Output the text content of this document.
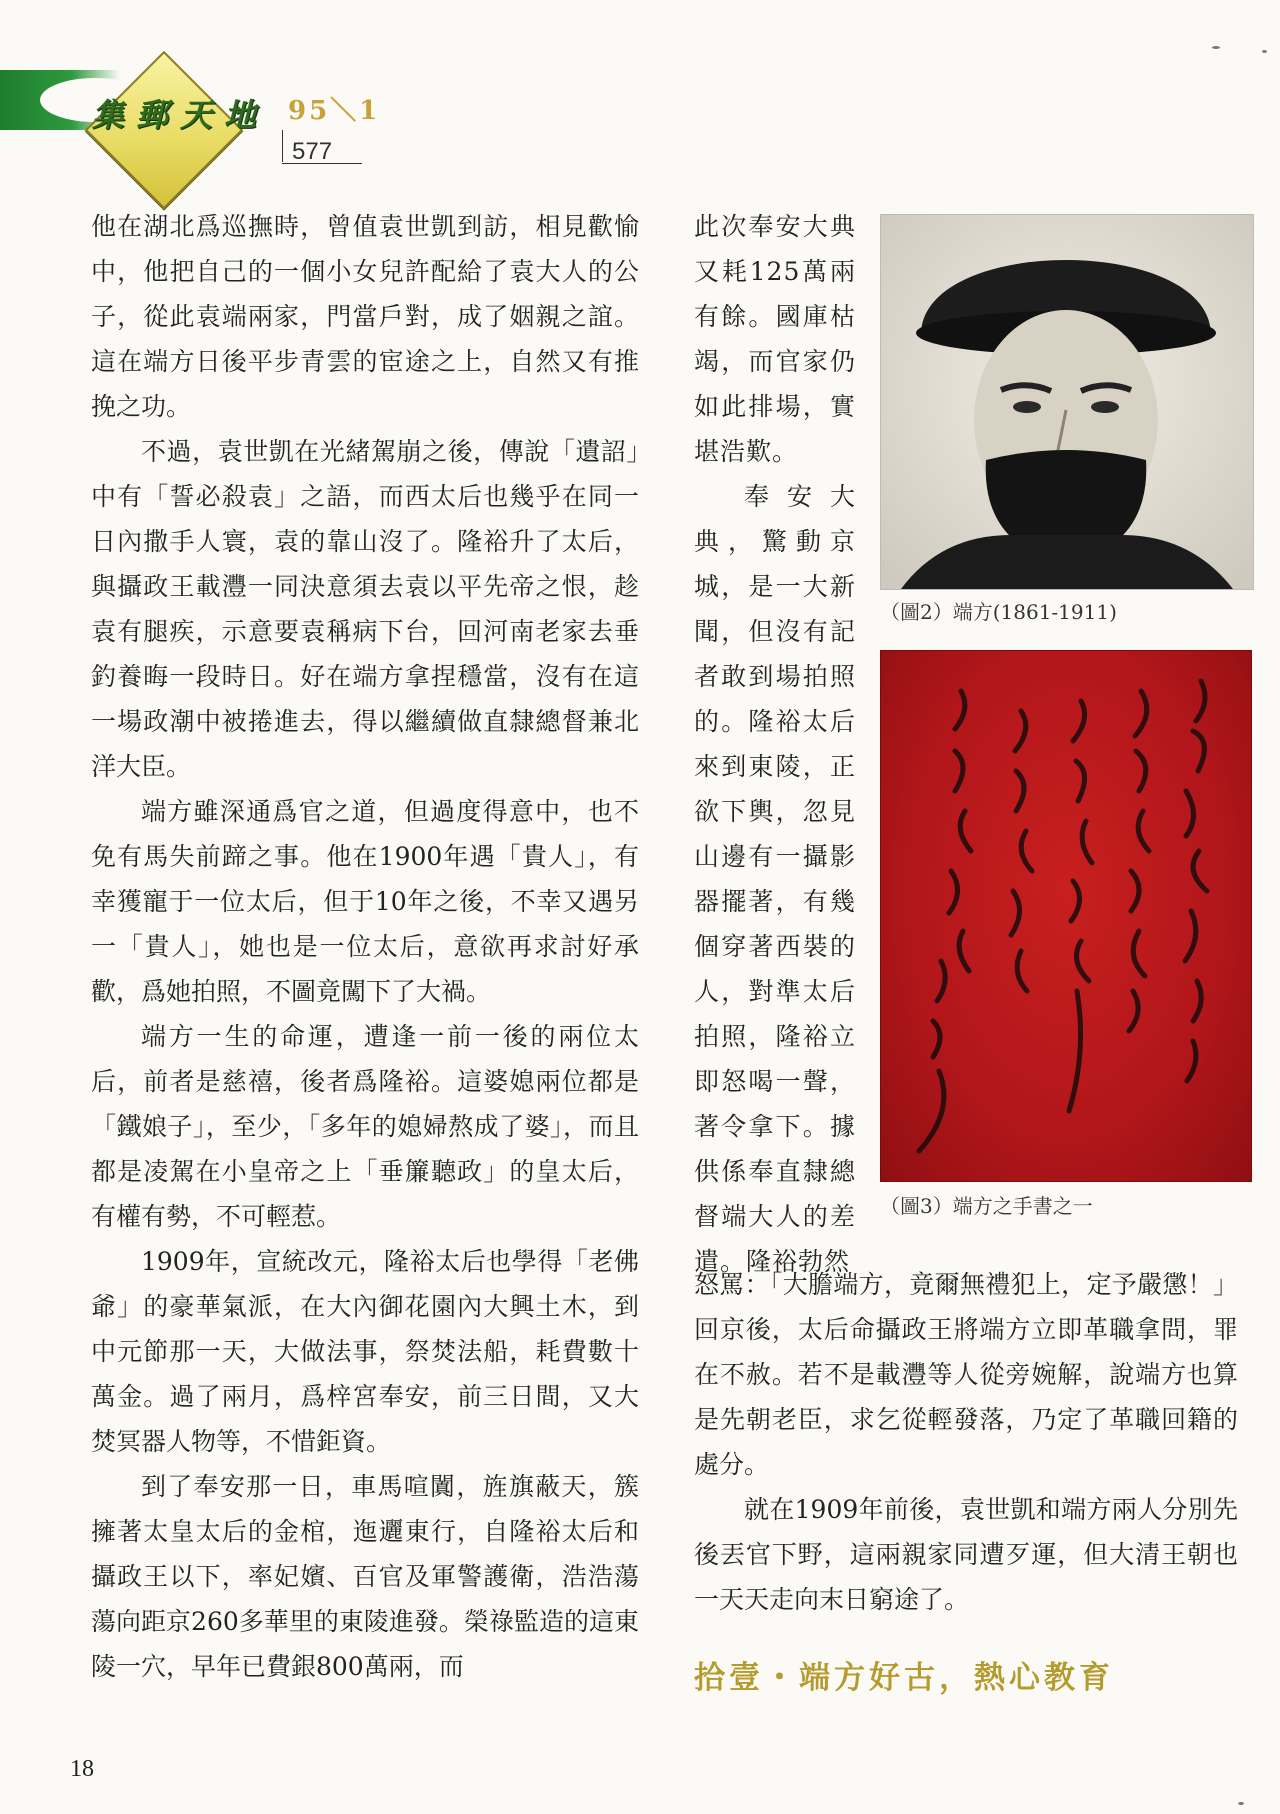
集郵天地 95＼1
577

他在湖北爲巡撫時，曾值袁世凱到訪，相見歡愉中，他把自己的一個小女兒許配給了袁大人的公子，從此袁端兩家，門當戶對，成了姻親之誼。這在端方日後平步青雲的宦途之上，自然又有推挽之功。

不過，袁世凱在光緒駕崩之後，傳說「遺詔」中有「誓必殺袁」之語，而西太后也幾乎在同一日內撒手人寰，袁的靠山沒了。隆裕升了太后，與攝政王載灃一同決意須去袁以平先帝之恨，趁袁有腿疾，示意要袁稱病下台，回河南老家去垂釣養晦一段時日。好在端方拿捏穩當，沒有在這一場政潮中被捲進去，得以繼續做直隸總督兼北洋大臣。

端方雖深通爲官之道，但過度得意中，也不免有馬失前蹄之事。他在1900年遇「貴人」，有幸獲寵于一位太后，但于10年之後，不幸又遇另一「貴人」，她也是一位太后，意欲再求討好承歡，爲她拍照，不圖竟闖下了大禍。

端方一生的命運，遭逢一前一後的兩位太后，前者是慈禧，後者爲隆裕。這婆媳兩位都是「鐵娘子」，至少，「多年的媳婦熬成了婆」，而且都是凌駕在小皇帝之上「垂簾聽政」的皇太后，有權有勢，不可輕惹。

1909年，宣統改元，隆裕太后也學得「老佛爺」的豪華氣派，在大內御花園內大興土木，到中元節那一天，大做法事，祭焚法船，耗費數十萬金。過了兩月，爲梓宮奉安，前三日間，又大焚冥器人物等，不惜鉅資。

到了奉安那一日，車馬喧闐，旌旗蔽天，簇擁著太皇太后的金棺，迤邐東行，自隆裕太后和攝政王以下，率妃嬪、百官及軍警護衛，浩浩蕩蕩向距京260多華里的東陵進發。榮祿監造的這東陵一穴，早年已費銀800萬兩，而

此次奉安大典又耗125萬兩有餘。國庫枯竭，而官家仍如此排場，實堪浩歎。

奉安大典，驚動京城，是一大新聞，但沒有記者敢到場拍照的。隆裕太后來到東陵，正欲下輿，忽見山邊有一攝影器擺著，有幾個穿著西裝的人，對準太后拍照，隆裕立即怒喝一聲，著令拿下。據供係奉直隸總督端大人的差遣。隆裕勃然

（圖2）端方(1861-1911)
（圖3）端方之手書之一

怒罵：「大膽端方，竟爾無禮犯上，定予嚴懲！」回京後，太后命攝政王將端方立即革職拿問，罪在不赦。若不是載灃等人從旁婉解，說端方也算是先朝老臣，求乞從輕發落，乃定了革職回籍的處分。

就在1909年前後，袁世凱和端方兩人分別先後丟官下野，這兩親家同遭歹運，但大清王朝也一天天走向末日窮途了。

拾壹・端方好古，熱心教育
18
